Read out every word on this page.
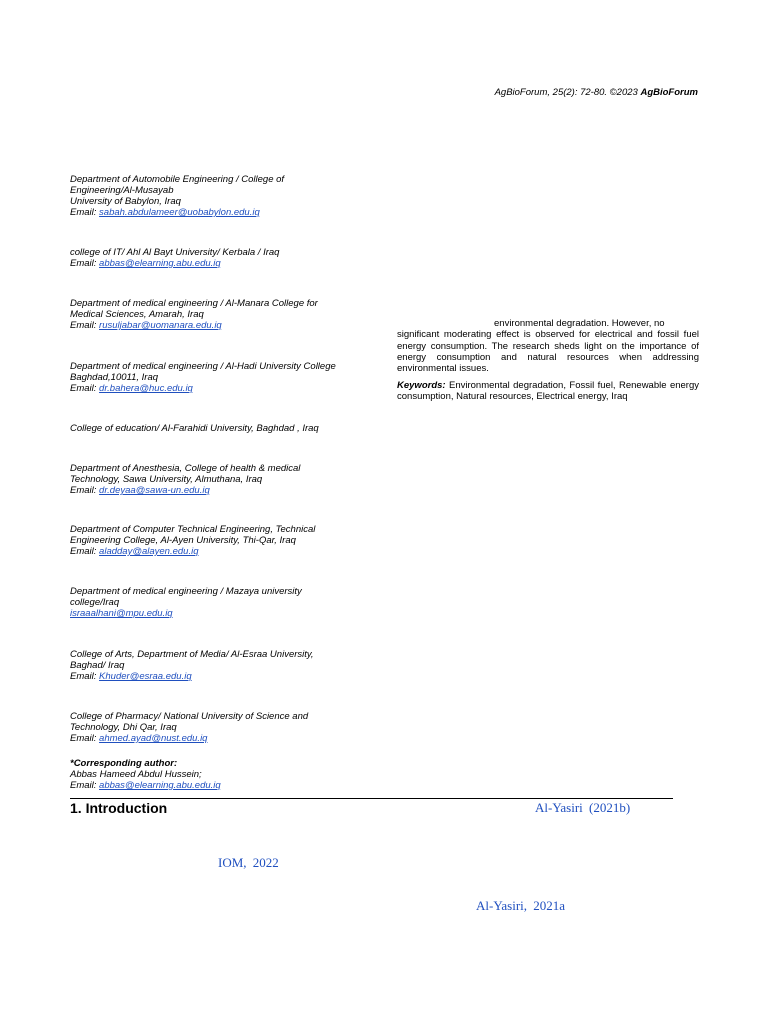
AgBioForum, 25(2): 72-80. ©2023 AgBioForum
Department of Automobile Engineering / College of
Engineering/Al-Musayab
University of Babylon, Iraq
Email: sabah.abdulameer@uobabylon.edu.iq
college of IT/ Ahl Al Bayt University/ Kerbala / Iraq
Email: abbas@elearning.abu.edu.iq
Department of medical engineering / Al-Manara College for
Medical Sciences, Amarah, Iraq
Email: rusuljabar@uomanara.edu.iq
Department of medical engineering / Al-Hadi University College
Baghdad,10011, Iraq
Email: dr.bahera@huc.edu.iq
College of education/ Al-Farahidi University, Baghdad , Iraq
Department of Anesthesia, College of health & medical
Technology, Sawa University, Almuthana, Iraq
Email: dr.deyaa@sawa-un.edu.iq
Department of Computer Technical Engineering, Technical
Engineering College, Al-Ayen University, Thi-Qar, Iraq
Email: aladday@alayen.edu.iq
Department of medical engineering / Mazaya university
college/Iraq
israaalhani@mpu.edu.iq
College of Arts, Department of Media/ Al-Esraa University,
Baghad/ Iraq
Email: Khuder@esraa.edu.iq
College of Pharmacy/ National University of Science and
Technology, Dhi Qar, Iraq
Email: ahmed.ayad@nust.edu.iq
*Corresponding author:
Abbas Hameed Abdul Hussein;
Email: abbas@elearning.abu.edu.iq
environmental degradation. However, no
significant moderating effect is observed for electrical and fossil fuel energy consumption. The research sheds light on the importance of energy consumption and natural resources when addressing environmental issues.
Keywords: Environmental degradation, Fossil fuel, Renewable energy consumption, Natural resources, Electrical energy, Iraq
1. Introduction	Al-Yasiri (2021b)
IOM, 2022
Al-Yasiri, 2021a
